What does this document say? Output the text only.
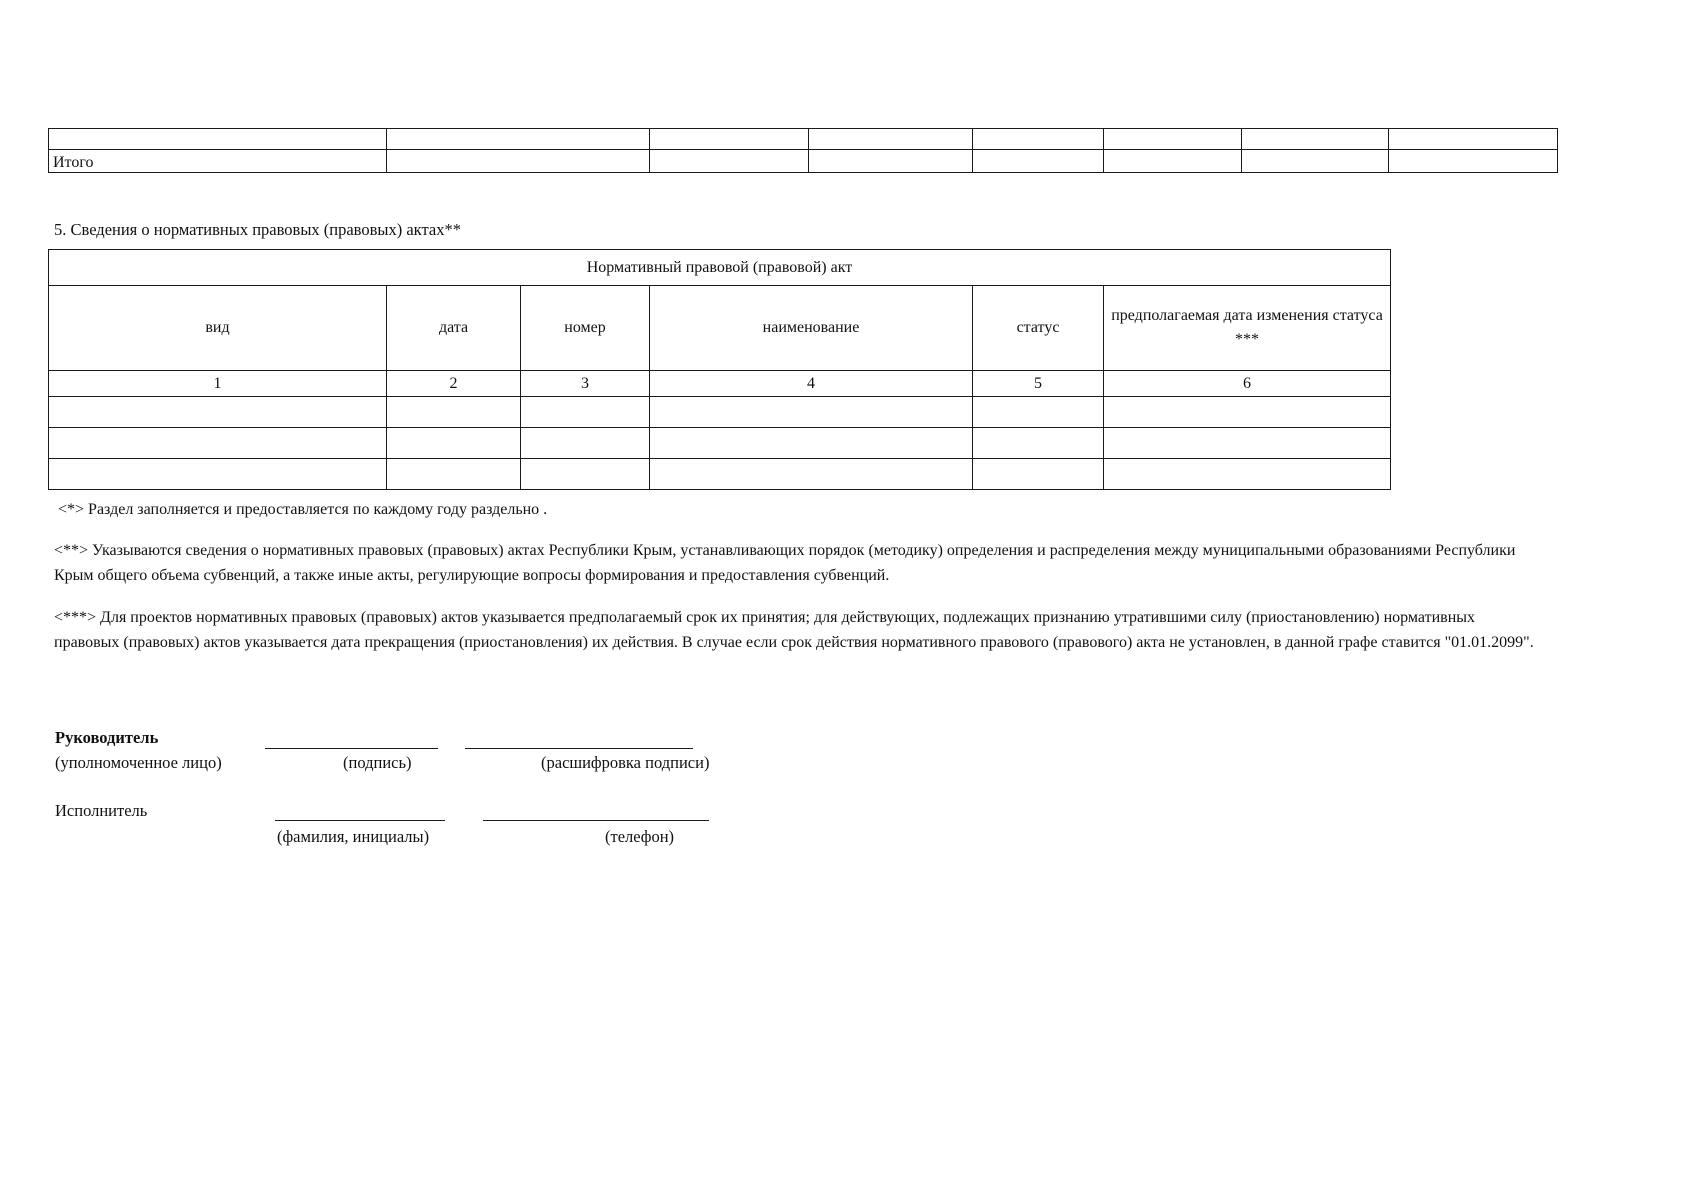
Итого							
5. Сведения о нормативных правовых (правовых) актах**
Нормативный правовой (правовой) акт					
вид	дата	номер	наименование	статус	предполагаемая дата изменения статуса ***
1	2	3	4	5	6

<*> Раздел заполняется и предоставляется по каждому году раздельно .
<**> Указываются сведения о нормативных правовых (правовых) актах Республики Крым, устанавливающих порядок (методику) определения и распределения между муниципальными образованиями Республики Крым общего объема субвенций, а также иные акты, регулирующие вопросы формирования и предоставления субвенций.
<***> Для проектов нормативных правовых (правовых) актов указывается предполагаемый срок их принятия; для действующих, подлежащих признанию утратившими силу (приостановлению) нормативных правовых (правовых) актов указывается дата прекращения (приостановления) их действия. В случае если срок действия нормативного правового (правового) акта не установлен, в данной графе ставится "01.01.2099".
Руководитель
(уполномоченное лицо)	(подпись)	(расшифровка подписи)
Исполнитель
(фамилия, инициалы)	(телефон)
